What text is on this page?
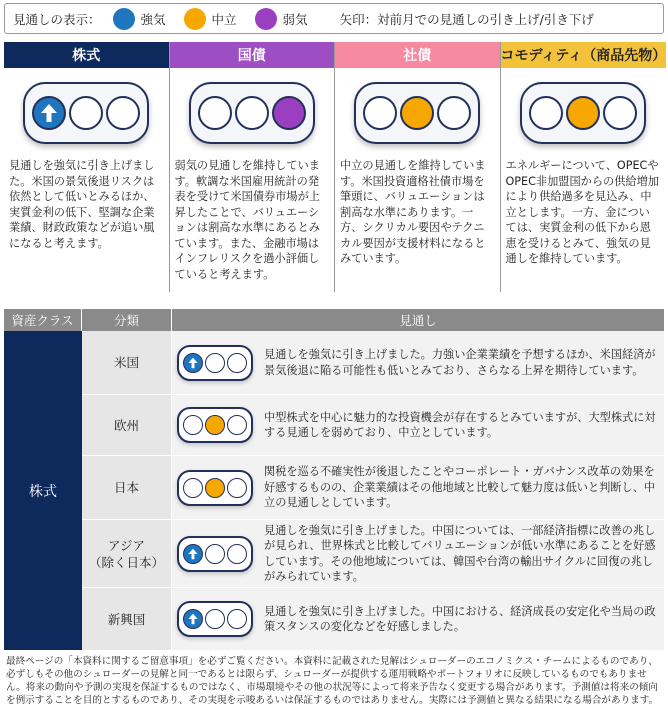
見通しの表示：	強気	中立	弱気	矢印：対前月での見通しの引き上げ/引き下げ
株式
見通しを強気に引き上げました。米国の景気後退リスクは依然として低いとみるほか、実質金利の低下、堅調な企業業績、財政政策などが追い風になると考えます。
国債
弱気の見通しを維持しています。軟調な米国雇用統計の発表を受けて米国債券市場が上昇したことで、バリュエーションは割高な水準にあるとみています。また、金融市場はインフレリスクを過小評価していると考えます。
社債
中立の見通しを維持しています。米国投資適格社債市場を筆頭に、バリュエーションは割高な水準にあります。一方、シクリカル要因やテクニカル要因が支援材料になるとみています。
コモディティ（商品先物）
エネルギーについて、OPECやOPEC非加盟国からの供給増加により供給過多を見込み、中立とします。一方、金については、実質金利の低下から恩恵を受けるとみて、強気の見通しを維持しています。
資産クラス	分類	見通し
株式
米国
見通しを強気に引き上げました。力強い企業業績を予想するほか、米国経済が景気後退に陥る可能性も低いとみており、さらなる上昇を期待しています。
欧州
中型株式を中心に魅力的な投資機会が存在するとみていますが、大型株式に対する見通しを弱めており、中立としています。
日本
関税を巡る不確実性が後退したことやコーポレート・ガバナンス改革の効果を好感するものの、企業業績はその他地域と比較して魅力度は低いと判断し、中立の見通しとしています。
アジア
（除く日本）
見通しを強気に引き上げました。中国については、一部経済指標に改善の兆しが見られ、世界株式と比較してバリュエーションが低い水準にあることを好感しています。その他地域については、韓国や台湾の輸出サイクルに回復の兆しがみられています。
新興国
見通しを強気に引き上げました。中国における、経済成長の安定化や当局の政策スタンスの変化などを好感しました。
最終ページの「本資料に関するご留意事項」を必ずご覧ください。本資料に記載された見解はシュローダーのエコノミクス・チームによるものであり、必ずしもその他のシュローダーの見解と同一であるとは限らず、シュローダーが提供する運用戦略やポートフォリオに反映しているものでもありません。将来の動向や予測の実現を保証するものではなく、市場環境やその他の状況等によって将来予告なく変更する場合があります。予測値は将来の傾向を例示することを目的とするものであり、その実現を示唆あるいは保証するものではありません。実際には予測値と異なる結果になる場合があります。
